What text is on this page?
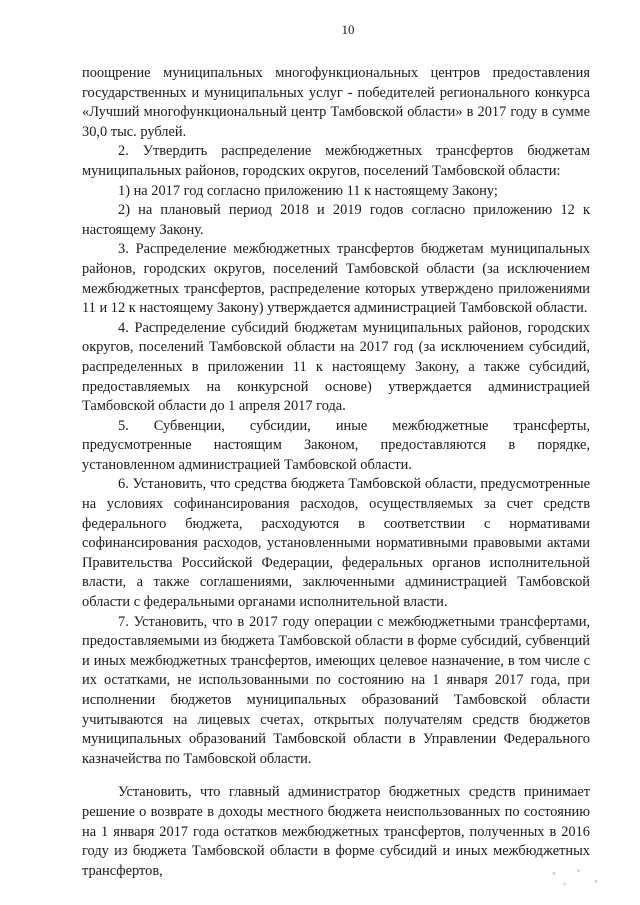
10

поощрение муниципальных многофункциональных центров предоставления государственных и муниципальных услуг - победителей регионального конкурса «Лучший многофункциональный центр Тамбовской области» в 2017 году в сумме 30,0 тыс. рублей.

2. Утвердить распределение межбюджетных трансфертов бюджетам муниципальных районов, городских округов, поселений Тамбовской области:

1) на 2017 год согласно приложению 11 к настоящему Закону;

2) на плановый период 2018 и 2019 годов согласно приложению 12 к настоящему Закону.

3. Распределение межбюджетных трансфертов бюджетам муниципальных районов, городских округов, поселений Тамбовской области (за исключением межбюджетных трансфертов, распределение которых утверждено приложениями 11 и 12 к настоящему Закону) утверждается администрацией Тамбовской области.

4. Распределение субсидий бюджетам муниципальных районов, городских округов, поселений Тамбовской области на 2017 год (за исключением субсидий, распределенных в приложении 11 к настоящему Закону, а также субсидий, предоставляемых на конкурсной основе) утверждается администрацией Тамбовской области до 1 апреля 2017 года.

5. Субвенции, субсидии, иные межбюджетные трансферты, предусмотренные настоящим Законом, предоставляются в порядке, установленном администрацией Тамбовской области.

6. Установить, что средства бюджета Тамбовской области, предусмотренные на условиях софинансирования расходов, осуществляемых за счет средств федерального бюджета, расходуются в соответствии с нормативами софинансирования расходов, установленными нормативными правовыми актами Правительства Российской Федерации, федеральных органов исполнительной власти, а также соглашениями, заключенными администрацией Тамбовской области с федеральными органами исполнительной власти.

7. Установить, что в 2017 году операции с межбюджетными трансфертами, предоставляемыми из бюджета Тамбовской области в форме субсидий, субвенций и иных межбюджетных трансфертов, имеющих целевое назначение, в том числе с их остатками, не использованными по состоянию на 1 января 2017 года, при исполнении бюджетов муниципальных образований Тамбовской области учитываются на лицевых счетах, открытых получателям средств бюджетов муниципальных образований Тамбовской области в Управлении Федерального казначейства по Тамбовской области.

Установить, что главный администратор бюджетных средств принимает решение о возврате в доходы местного бюджета неиспользованных по состоянию на 1 января 2017 года остатков межбюджетных трансфертов, полученных в 2016 году из бюджета Тамбовской области в форме субсидий и иных межбюджетных трансфертов,
